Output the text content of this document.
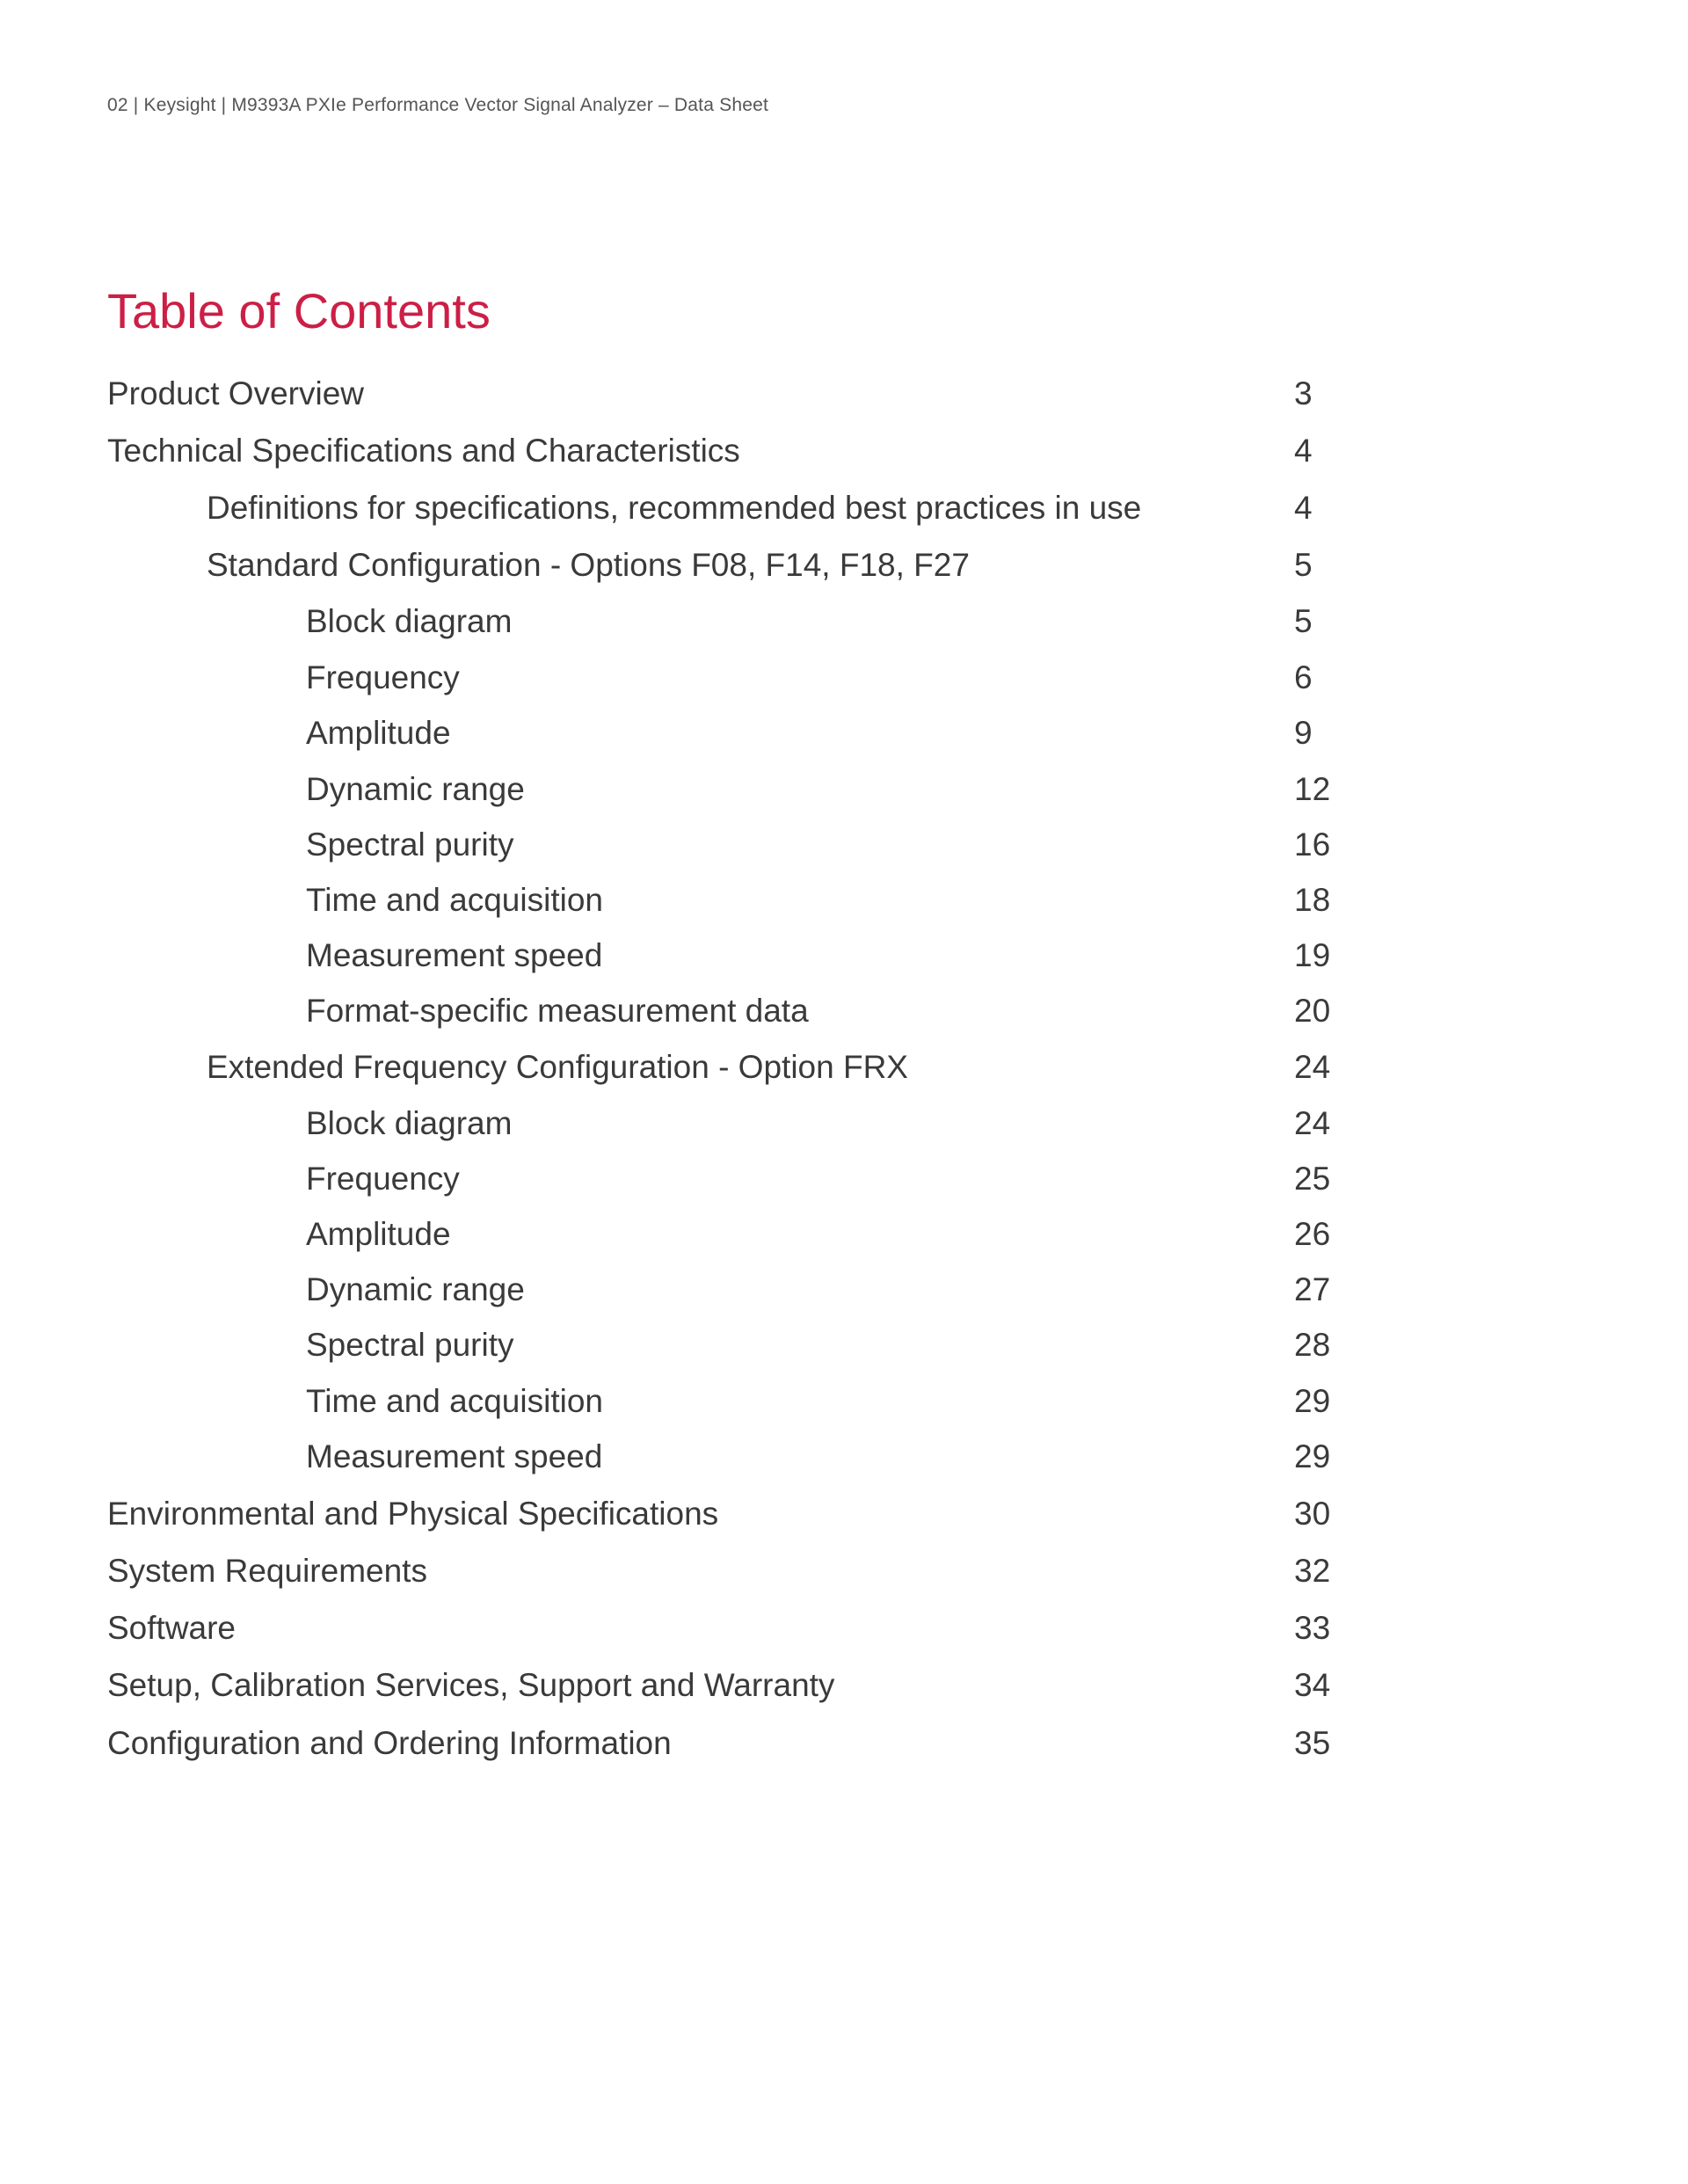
02 | Keysight | M9393A PXIe Performance Vector Signal Analyzer – Data Sheet
Table of Contents
Product Overview	3
Technical Specifications and Characteristics	4
Definitions for specifications, recommended best practices in use	4
Standard Configuration - Options F08, F14, F18, F27	5
Block diagram	5
Frequency	6
Amplitude	9
Dynamic range	12
Spectral purity	16
Time and acquisition	18
Measurement speed	19
Format-specific measurement data	20
Extended Frequency Configuration - Option FRX	24
Block diagram	24
Frequency	25
Amplitude	26
Dynamic range	27
Spectral purity	28
Time and acquisition	29
Measurement speed	29
Environmental and Physical Specifications	30
System Requirements	32
Software	33
Setup, Calibration Services, Support and Warranty	34
Configuration and Ordering Information	35
